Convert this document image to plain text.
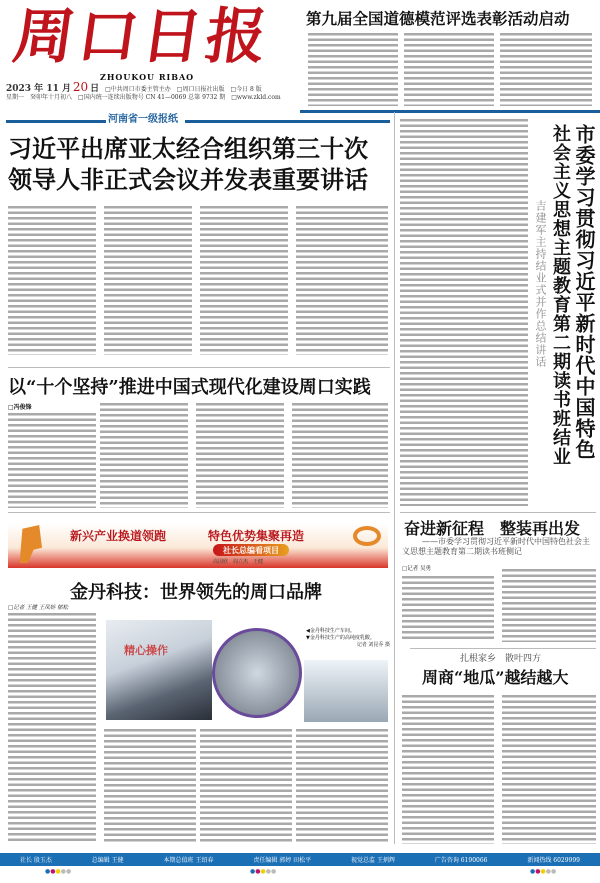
周口日报
ZHOUKOU RIBAO
2023 年 11 月 20 日　 □中共周口市委主管主办　□周口日报社出版　□今日 8 版
星期一　癸卯年十月初八　 □国内统一连续出版物号 CN 41—0069 总第 9732 期　□www.zkld.com
河南省一级报纸
第九届全国道德模范评选表彰活动启动
习近平出席亚太经合组织第三十次
领导人非正式会议并发表重要讲话
以“十个坚持”推进中国式现代化建设周口实践
□冯俊锋
新兴产业换道领跑	特色优势集聚再造
社长总编看项目
高国欣　周立杰　王健
金丹科技：世界领先的周口品牌
□记者 王健 王凤娇 郁松
精心操作
◀金丹科技生产车间。
▼金丹科技生产的高纯度乳酸。
记者 刘昆乔 摄
市委学习贯彻习近平新时代中国特色
社会主义思想主题教育第二期读书班结业
吉建军主持结业式并作总结讲话
奋进新征程　整装再出发
——市委学习贯彻习近平新时代中国特色社会主义思想主题教育第二期读书班侧记
□记者 吴勇
扎根家乡　散叶四方
周商“地瓜”越结越大
社长 殷玉杰	总编辑 王健	本期总值班 王绍春	责任编辑 郭婷 田松平	视觉总监 王炳辉	广告咨询 6190066	新闻热线 6029999
●●●●●	●●●●●	●●●●●
